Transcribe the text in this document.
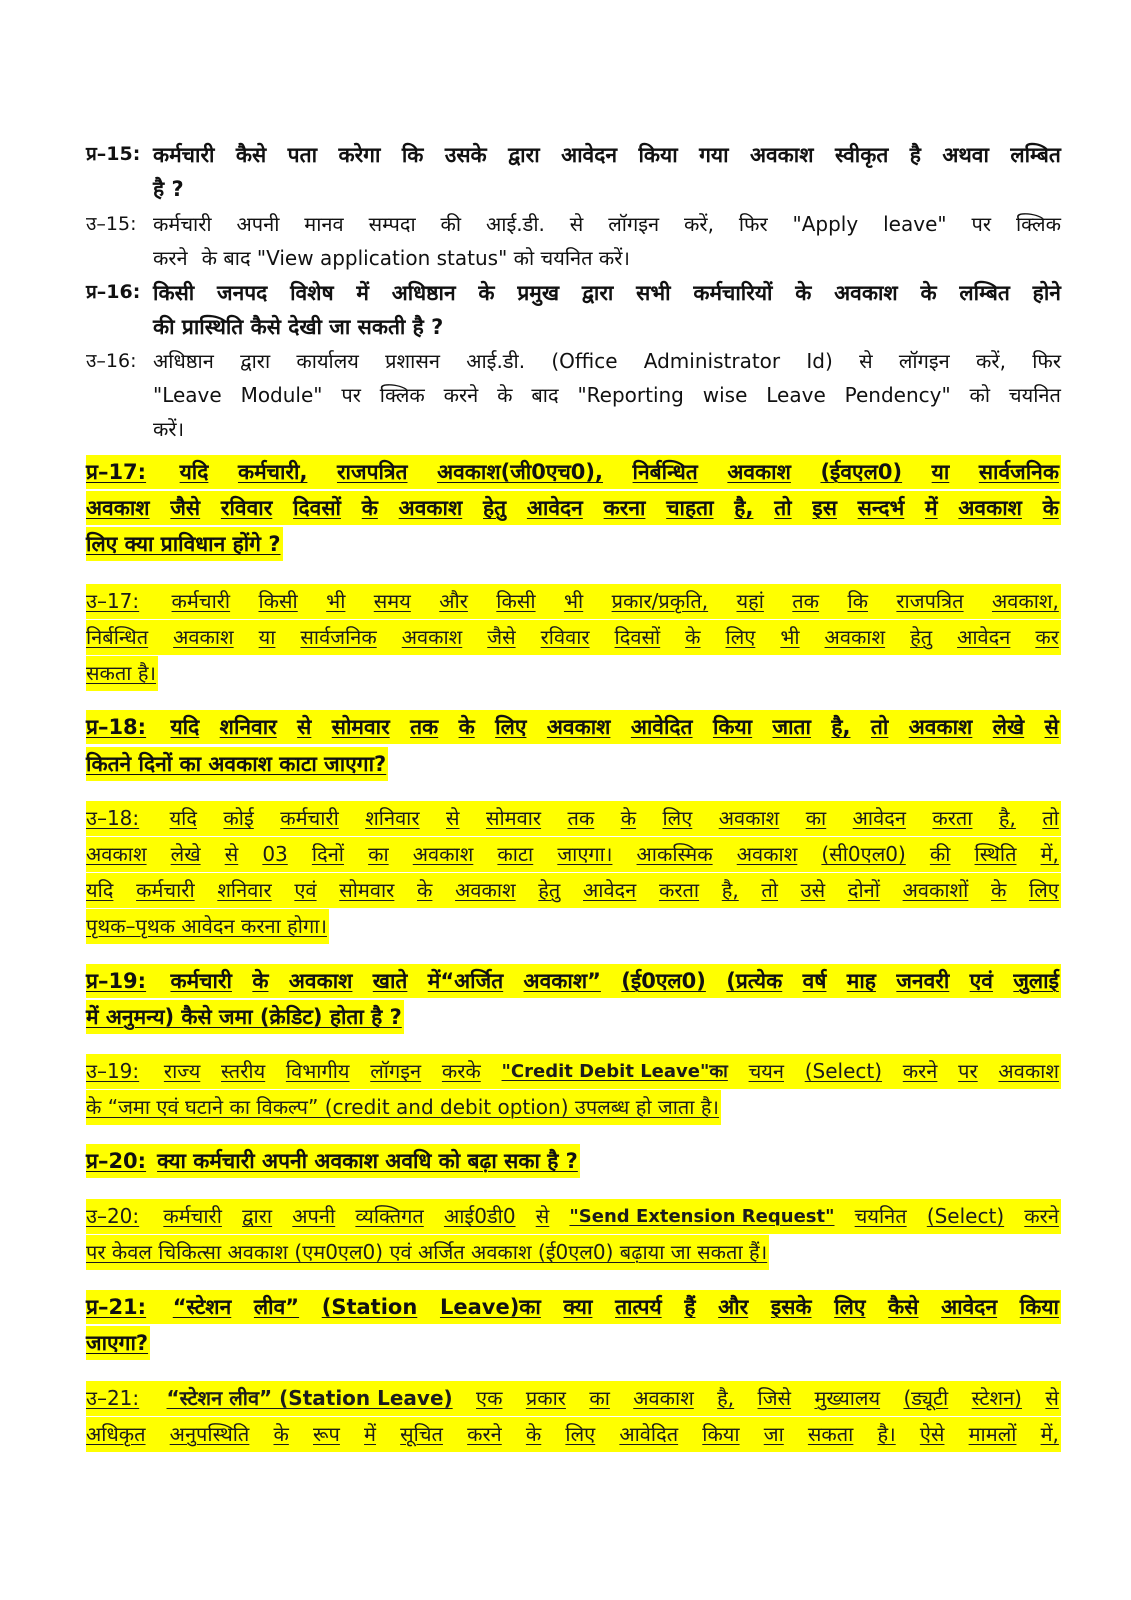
प्र–15: कर्मचारी कैसे पता करेगा कि उसके द्वारा आवेदन किया गया अवकाश स्वीकृत है अथवा लम्बित
है ?
उ–15: कर्मचारी अपनी मानव सम्पदा की आई.डी. से लॉगइन करें, फिर "Apply leave" पर क्लिक
करने के बाद "View application status" को चयनित करें।
प्र–16: किसी जनपद विशेष में अधिष्ठान के प्रमुख द्वारा सभी कर्मचारियों के अवकाश के लम्बित होने
की प्रास्थिति कैसे देखी जा सकती है ?
उ–16: अधिष्ठान द्वारा कार्यालय प्रशासन आई.डी. (Office Administrator Id) से लॉगइन करें, फिर
"Leave Module" पर क्लिक करने के बाद "Reporting wise Leave Pendency" को चयनित
करें।
प्र–17: यदि कर्मचारी, राजपत्रित अवकाश(जी0एच0), निर्बन्धित अवकाश (ईवएल0) या सार्वजनिक
अवकाश जैसे रविवार दिवसों के अवकाश हेतु आवेदन करना चाहता है, तो इस सन्दर्भ में अवकाश के
लिए क्या प्राविधान होंगे ?
उ–17: कर्मचारी किसी भी समय और किसी भी प्रकार/प्रकृति, यहां तक कि राजपत्रित अवकाश,
निर्बन्धित अवकाश या सार्वजनिक अवकाश जैसे रविवार दिवसों के लिए भी अवकाश हेतु आवेदन कर
सकता है।
प्र–18: यदि शनिवार से सोमवार तक के लिए अवकाश आवेदित किया जाता है, तो अवकाश लेखे से
कितने दिनों का अवकाश काटा जाएगा?
उ–18: यदि कोई कर्मचारी शनिवार से सोमवार तक के लिए अवकाश का आवेदन करता है, तो
अवकाश लेखे से 03 दिनों का अवकाश काटा जाएगा। आकस्मिक अवकाश (सी0एल0) की स्थिति में,
यदि कर्मचारी शनिवार एवं सोमवार के अवकाश हेतु आवेदन करता है, तो उसे दोनों अवकाशों के लिए
पृथक–पृथक आवेदन करना होगा।
प्र–19: कर्मचारी के अवकाश खाते में“अर्जित अवकाश” (ई0एल0) (प्रत्येक वर्ष माह जनवरी एवं जुलाई
में अनुमन्य) कैसे जमा (क्रेडिट) होता है ?
उ–19: राज्य स्तरीय विभागीय लॉगइन करके "Credit Debit Leave"का चयन (Select) करने पर अवकाश
के “जमा एवं घटाने का विकल्प” (credit and debit option) उपलब्ध हो जाता है।
प्र–20: क्या कर्मचारी अपनी अवकाश अवधि को बढ़ा सका है ?
उ–20: कर्मचारी द्वारा अपनी व्यक्तिगत आई0डी0 से "Send Extension Request" चयनित (Select) करने
पर केवल चिकित्सा अवकाश (एम0एल0) एवं अर्जित अवकाश (ई0एल0) बढ़ाया जा सकता हैं।
प्र–21: “स्टेशन लीव” (Station Leave)का क्या तात्पर्य हैं और इसके लिए कैसे आवेदन किया
जाएगा?
उ–21: “स्टेशन लीव” (Station Leave) एक प्रकार का अवकाश है, जिसे मुख्यालय (ड्यूटी स्टेशन) से
अधिकृत अनुपस्थिति के रूप में सूचित करने के लिए आवेदित किया जा सकता है। ऐसे मामलों में,
